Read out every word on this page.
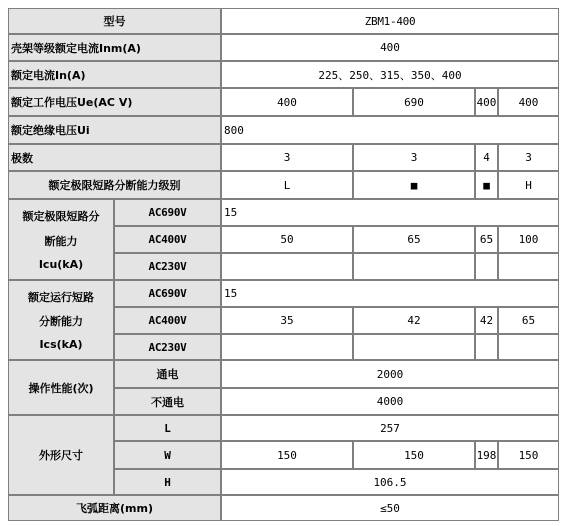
型号	ZBM1-400
壳架等级额定电流Inm(A)	400
额定电流In(A)	225、250、315、350、400
额定工作电压Ue(AC V)	400	690	400	400
额定绝缘电压Ui	800
极数	3	3	4	3
额定极限短路分断能力级别	L	■	■	H
额定极限短路分
断能力
Icu(kA)
AC690V	15
AC400V	50	65	65	100
AC230V
额定运行短路
分断能力
Ics(kA)
AC690V	15
AC400V	35	42	42	65
AC230V
操作性能(次)
通电	2000
不通电	4000
外形尺寸
L	257
W	150	150	198	150
H	106.5
飞弧距离(mm)	≤50
